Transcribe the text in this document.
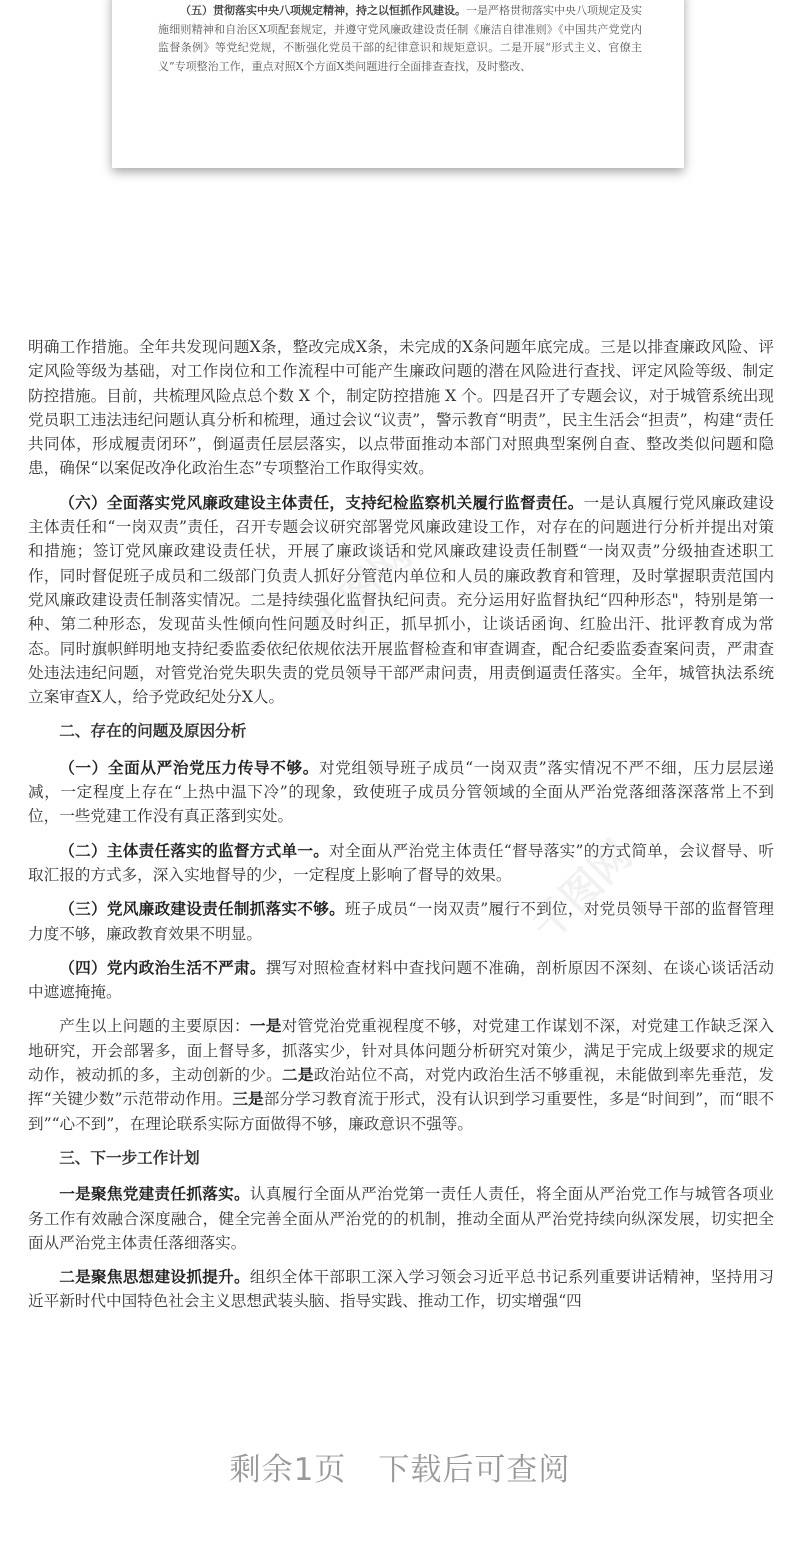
（五）贯彻落实中央八项规定精神，持之以恒抓作风建设。一是严格贯彻落实中央八项规定及实施细则精神和自治区X项配套规定，并遵守党风廉政建设责任制《廉洁自律准则》《中国共产党党内监督条例》等党纪党规，不断强化党员干部的纪律意识和规矩意识。二是开展“形式主义、官僚主义”专项整治工作，重点对照X个方面X类问题进行全面排查查找，及时整改、
千图网
千图网

明确工作措施。全年共发现问题X条，整改完成X条，未完成的X条问题年底完成。三是以排查廉政风险、评定风险等级为基础，对工作岗位和工作流程中可能产生廉政问题的潜在风险进行查找、评定风险等级、制定防控措施。目前，共梳理风险点总个数 X 个，制定防控措施 X 个。四是召开了专题会议，对于城管系统出现党员职工违法违纪问题认真分析和梳理，通过会议“议责”，警示教育“明责”，民主生活会“担责”，构建“责任共同体，形成履责闭环”，倒逼责任层层落实，以点带面推动本部门对照典型案例自查、整改类似问题和隐患，确保“以案促改净化政治生态”专项整治工作取得实效。

（六）全面落实党风廉政建设主体责任，支持纪检监察机关履行监督责任。一是认真履行党风廉政建设主体责任和“一岗双责”责任，召开专题会议研究部署党风廉政建设工作，对存在的问题进行分析并提出对策和措施；签订党风廉政建设责任状，开展了廉政谈话和党风廉政建设责任制暨“一岗双责”分级抽查述职工作，同时督促班子成员和二级部门负责人抓好分管范内单位和人员的廉政教育和管理，及时掌握职责范国内党风廉政建设责任制落实情况。二是持续强化监督执纪问责。充分运用好监督执纪“四种形态"，特别是第一种、第二种形态，发现苗头性倾向性问题及时纠正，抓早抓小，让谈话函询、红脸出汗、批评教育成为常态。同时旗帜鲜明地支持纪委监委依纪依规依法开展监督检查和审查调查，配合纪委监委查案问责，严肃查处违法违纪问题，对管党治党失职失责的党员领导干部严肃问责，用责倒逼责任落实。全年，城管执法系统立案审查X人，给予党政纪处分X人。

二、存在的问题及原因分析

（一）全面从严治党压力传导不够。对党组领导班子成员“一岗双责”落实情况不严不细，压力层层递减，一定程度上存在“上热中温下冷”的现象，致使班子成员分管领域的全面从严治党落细落深落常上不到位，一些党建工作没有真正落到实处。

（二）主体责任落实的监督方式单一。对全面从严治党主体责任“督导落实”的方式简单，会议督导、听取汇报的方式多，深入实地督导的少，一定程度上影响了督导的效果。

（三）党风廉政建设责任制抓落实不够。班子成员“一岗双责”履行不到位，对党员领导干部的监督管理力度不够，廉政教育效果不明显。

（四）党内政治生活不严肃。撰写对照检查材料中查找问题不准确，剖析原因不深刻、在谈心谈话活动中遮遮掩掩。

产生以上问题的主要原因：一是对管党治党重视程度不够，对党建工作谋划不深，对党建工作缺乏深入地研究，开会部署多，面上督导多，抓落实少，针对具体问题分析研究对策少，满足于完成上级要求的规定动作，被动抓的多，主动创新的少。二是政治站位不高，对党内政治生活不够重视，未能做到率先垂范，发挥“关键少数”示范带动作用。三是部分学习教育流于形式，没有认识到学习重要性，多是“时间到”，而“眼不到”“心不到”，在理论联系实际方面做得不够，廉政意识不强等。

三、下一步工作计划

一是聚焦党建责任抓落实。认真履行全面从严治党第一责任人责任，将全面从严治党工作与城管各项业务工作有效融合深度融合，健全完善全面从严治党的的机制，推动全面从严治党持续向纵深发展，切实把全面从严治党主体责任落细落实。

二是聚焦思想建设抓提升。组织全体干部职工深入学习领会习近平总书记系列重要讲话精神，坚持用习近平新时代中国特色社会主义思想武装头脑、指导实践、推动工作，切实增强“四

剩余1页 下载后可查阅
